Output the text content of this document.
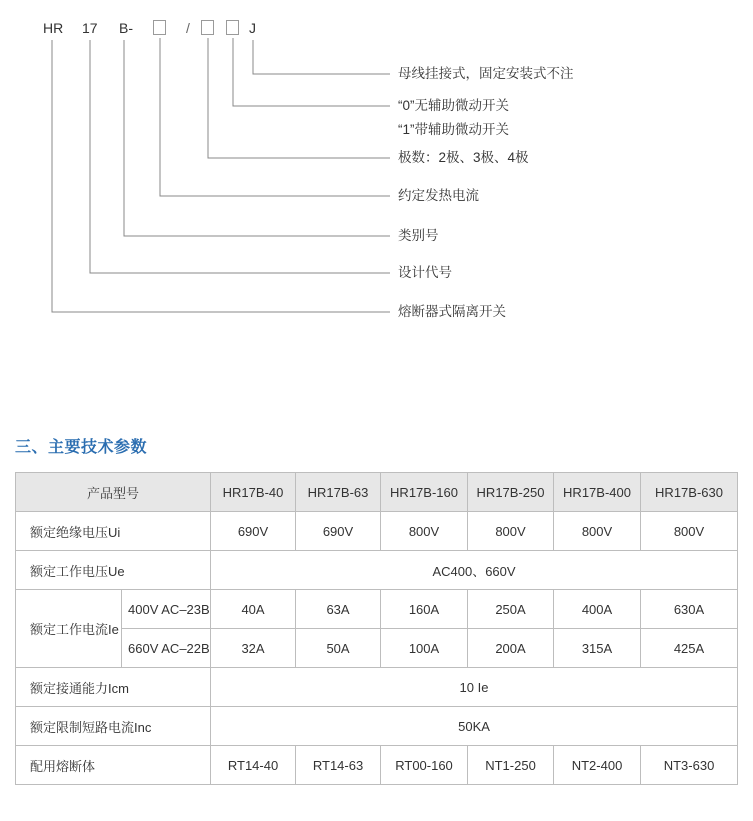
HR 17 B-	/	J
母线挂接式，固定安装式不注
“0”无辅助微动开关
“1”带辅助微动开关
极数：2极、3极、4极
约定发热电流
类别号
设计代号
熔断器式隔离开关
三、主要技术参数
产品型号		HR17B-40	HR17B-63	HR17B-160	HR17B-250	HR17B-400	HR17B-630
额定绝缘电压Ui		690V	690V	800V	800V	800V	800V
额定工作电压Ue		AC400、660V					
额定工作电流Ie	400V AC–23B	40A	63A	160A	250A	400A	630A
	660V AC–22B	32A	50A	100A	200A	315A	425A
额定接通能力Icm		10 Ie					
额定限制短路电流Inc		50KA					
配用熔断体		RT14-40	RT14-63	RT00-160	NT1-250	NT2-400	NT3-630
